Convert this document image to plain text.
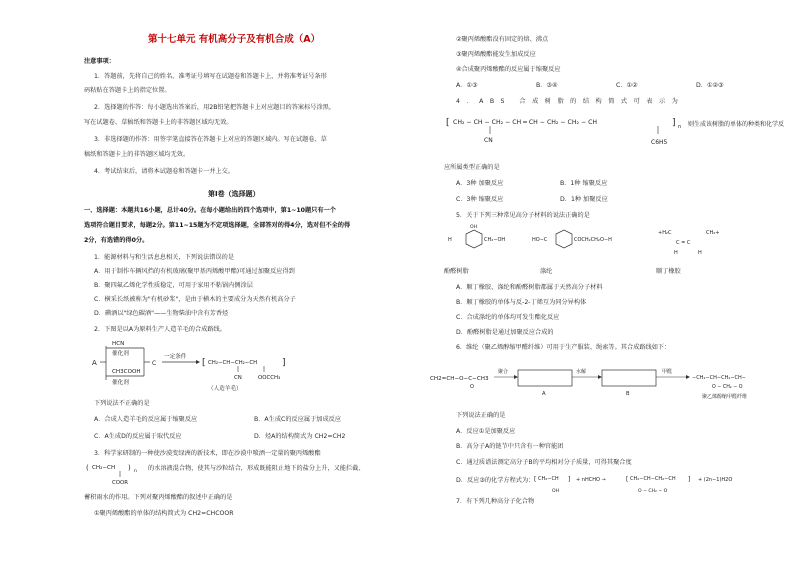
第十七单元 有机高分子及有机合成（A）
注意事项：
1．答题前，先将自己的姓名、准考证号填写在试题卷和答题卡上，并将准考证号条形
码粘贴在答题卡上的指定位置。
2．选择题的作答：每小题选出答案后，用2B铅笔把答题卡上对应题目的答案标号涂黑，
写在试题卷、草稿纸和答题卡上的非答题区域均无效。
3．非选择题的作答：用签字笔直接答在答题卡上对应的答题区域内。写在试题卷、草
稿纸和答题卡上的非答题区域均无效。
4．考试结束后，请将本试题卷和答题卡一并上交。
第Ⅰ卷（选择题）
一、选择题：本题共16小题，总计40分。在每小题给出的四个选项中，第1~10题只有一个
选项符合题目要求，每题2分。第11~15题为不定项选择题，全部答对的得4分，选对但不全的得
2分，有选错的得0分。
1．能源材料与和生活息息相关，下列说法错误的是
A．用于制作车辆风挡的有机玻璃(聚甲基丙烯酸甲酯)可通过加聚反应得到
B．聚四氟乙烯化学性质稳定，可用于家用不粘锅内侧涂层
C．横采长纸被称为"有机砂浆"，是由于横木的主要成分为天然有机高分子
D．碘酒以"绿色碳酒"——生物柴油中含有芳香烃
2．下图是以A为原料生产人造羊毛的合成路线。
A
HCN
催化剂
CH3COOH
催化剂
C
一定条件
[ CH₂−CH−CH₂−CH	]
CN	OOCCH₃
（人造羊毛）
下列说法不正确的是
A．合成人造羊毛的反应属于缩聚反应	B．A生成C的反应属于加成反应
C．A生成D的反应属于取代反应	D．烃A的结构简式为 CH2=CH2
3．科学家研制的一种使沙漠变绿洲的新技术，即在沙漠中喷洒一定量的聚丙烯酸酯
( CH₂−CH ) n
COOR
的水溶液混合物，使其与沙粒结合，形成既能阻止地下的盐分上升，又能拦截、
蓄积雨水的作用。下列对聚丙烯酸酯的叙述中正确的是
①聚丙烯酸酯的单体的结构简式为 CH2=CHCOOR
②聚丙烯酸酯没有固定的熔、沸点
③聚丙烯酸酯能发生加成反应
④合成聚丙烯酸酯的反应属于缩聚反应
A．①③	B．③④	C．①②	D．①②③
4．ABS 合成树脂的结构简式可表示为
[ CH₂ − CH − CH₂ − CH ═ CH − CH₂ − CH₂ − CH	] n
CN	C6H5
则生成该树脂的单体的种类和化学反
应所属类型正确的是
A．3种 加聚反应	B．1种 缩聚反应
C．3种 缩聚反应	D．1种 加聚反应
5．关于下列三种常见高分子材料的说法正确的是
OH
H	CH₂−OH	HO−C	COCH₂CH₂O−H
+H₂C	CH₂+
C = C
H	H
酚醛树脂	涤纶	顺丁橡胶
A．顺丁橡胶、涤纶和酚醛树脂都属于天然高分子材料
B．顺丁橡胶的单体与反-2-丁烯互为同分异构体
C．合成涤纶的单体均可发生酯化反应
D．酚醛树脂是通过加聚反应合成的
6．维纶（聚乙烯醇缩甲醛纤维）可用于生产服装、绳索等。其合成路线如下：
CH2=CH−O−C−CH3
O
聚合
A
水解
B
甲醛
−CH₂−CH−CH₂−CH−
O − CH₂ − O
聚乙烯醇缩甲醛纤维
下列说法正确的是
A．反应①是加聚反应
B．高分子A的链节中只含有一种官能团
C．通过质谱法测定高分子B的平均相对分子质量，可得其聚合度
D．反应③的化学方程式为： [ CH₂−CH ]
OH
+ nHCHO →	[ CH₂−CH−CH₂−CH ]
O − CH₂ − O
+ (2n−1)H2O
7．有下列几种高分子化合物
